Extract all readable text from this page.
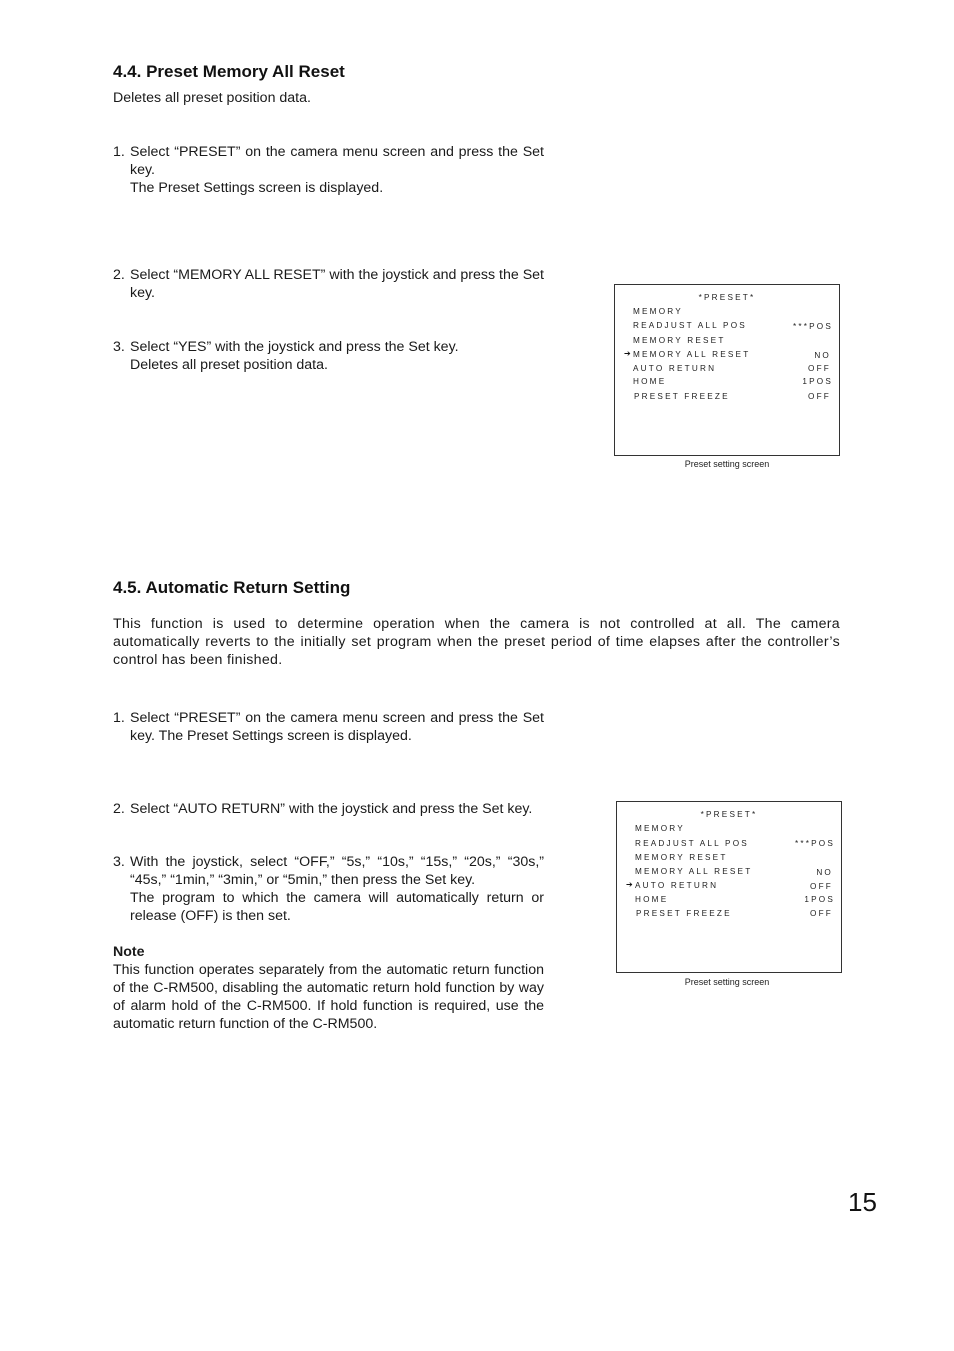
4.4. Preset Memory All Reset
Deletes all preset position data.
1. Select “PRESET” on the camera menu screen and press the Set key.
The Preset Settings screen is displayed.
2. Select “MEMORY ALL RESET” with the joystick and press the Set key.
3. Select “YES” with the joystick and press the Set key.
Deletes all preset position data.
*PRESET*
MEMORY
READJUST ALL POS	***POS
MEMORY RESET
➔ MEMORY ALL RESET	NO
AUTO RETURN	OFF
HOME	1POS
PRESET FREEZE	OFF
Preset setting screen
4.5. Automatic Return Setting
This function is used to determine operation when the camera is not controlled at all. The camera automatically reverts to the initially set program when the preset period of time elapses after the controller’s control has been finished.
1. Select “PRESET” on the camera menu screen and press the Set key. The Preset Settings screen is displayed.
2. Select “AUTO RETURN” with the joystick and press the Set key.
3. With the joystick, select “OFF,” “5s,” “10s,” “15s,” “20s,” “30s,” “45s,” “1min,” “3min,” or “5min,” then press the Set key.
The program to which the camera will automatically return or release (OFF) is then set.
Note
This function operates separately from the automatic return function of the C-RM500, disabling the automatic return hold function by way of alarm hold of the C-RM500. If hold function is required, use the automatic return function of the C-RM500.
*PRESET*
MEMORY
READJUST ALL POS	***POS
MEMORY RESET
MEMORY ALL RESET	NO
➔ AUTO RETURN	OFF
HOME	1POS
PRESET FREEZE	OFF
Preset setting screen
15
